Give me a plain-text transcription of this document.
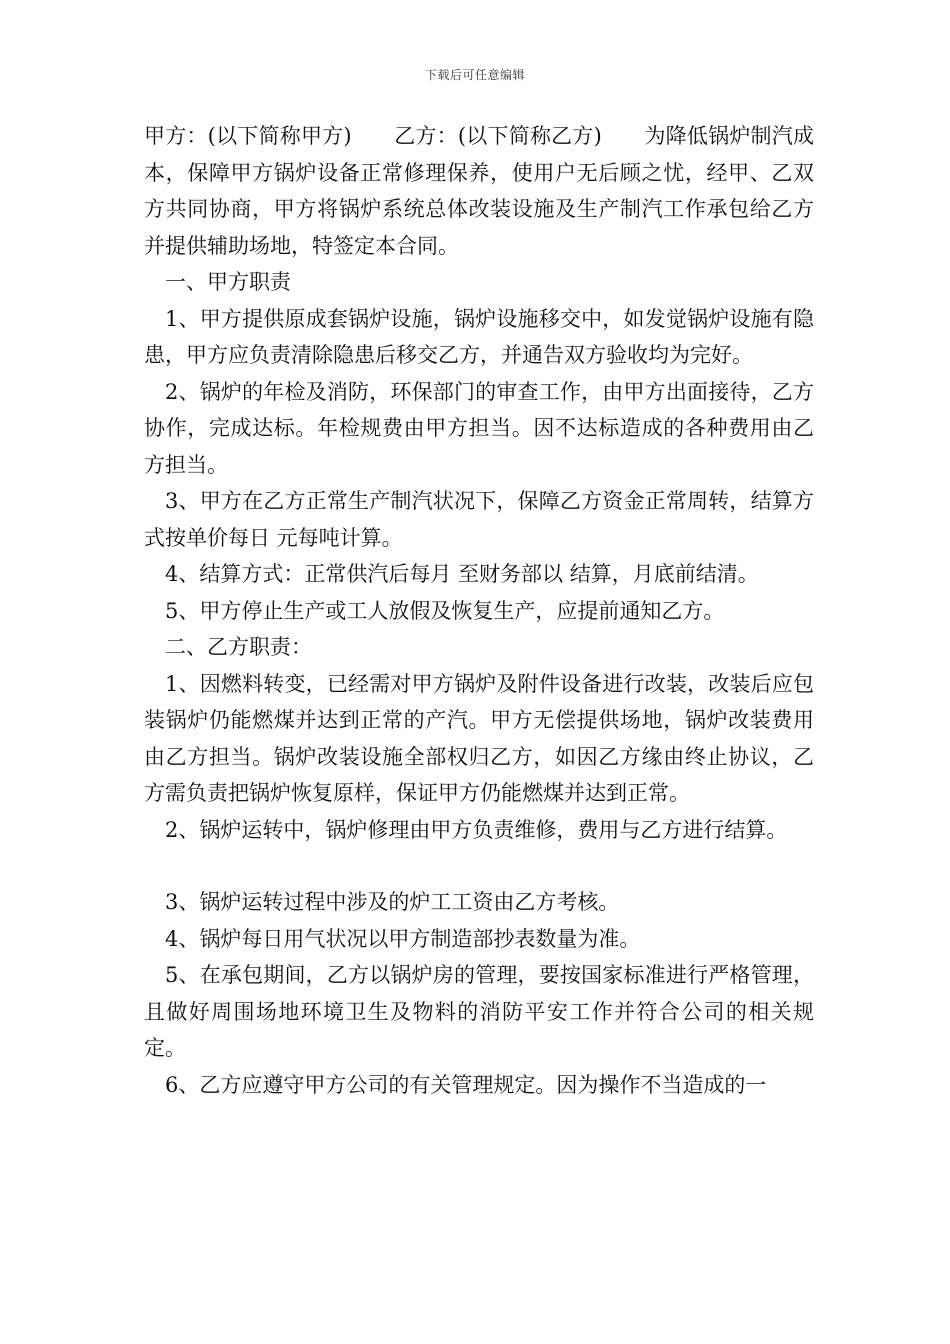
下载后可任意编辑

甲方：(以下简称甲方)　　乙方：(以下简称乙方)　　为降低锅炉制汽成本，保障甲方锅炉设备正常修理保养，使用户无后顾之忧，经甲、乙双方共同协商，甲方将锅炉系统总体改装设施及生产制汽工作承包给乙方并提供辅助场地，特签定本合同。

一、甲方职责

1、甲方提供原成套锅炉设施，锅炉设施移交中，如发觉锅炉设施有隐患，甲方应负责清除隐患后移交乙方，并通告双方验收均为完好。

2、锅炉的年检及消防，环保部门的审查工作，由甲方出面接待，乙方协作，完成达标。年检规费由甲方担当。因不达标造成的各种费用由乙方担当。

3、甲方在乙方正常生产制汽状况下，保障乙方资金正常周转，结算方式按单价每日 元每吨计算。

4、结算方式：正常供汽后每月 至财务部以 结算，月底前结清。

5、甲方停止生产或工人放假及恢复生产，应提前通知乙方。

二、乙方职责：

1、因燃料转变，已经需对甲方锅炉及附件设备进行改装，改装后应包装锅炉仍能燃煤并达到正常的产汽。甲方无偿提供场地，锅炉改装费用由乙方担当。锅炉改装设施全部权归乙方，如因乙方缘由终止协议，乙方需负责把锅炉恢复原样，保证甲方仍能燃煤并达到正常。

2、锅炉运转中，锅炉修理由甲方负责维修，费用与乙方进行结算。

3、锅炉运转过程中涉及的炉工工资由乙方考核。

4、锅炉每日用气状况以甲方制造部抄表数量为准。

5、在承包期间，乙方以锅炉房的管理，要按国家标准进行严格管理，且做好周围场地环境卫生及物料的消防平安工作并符合公司的相关规定。

6、乙方应遵守甲方公司的有关管理规定。因为操作不当造成的一
